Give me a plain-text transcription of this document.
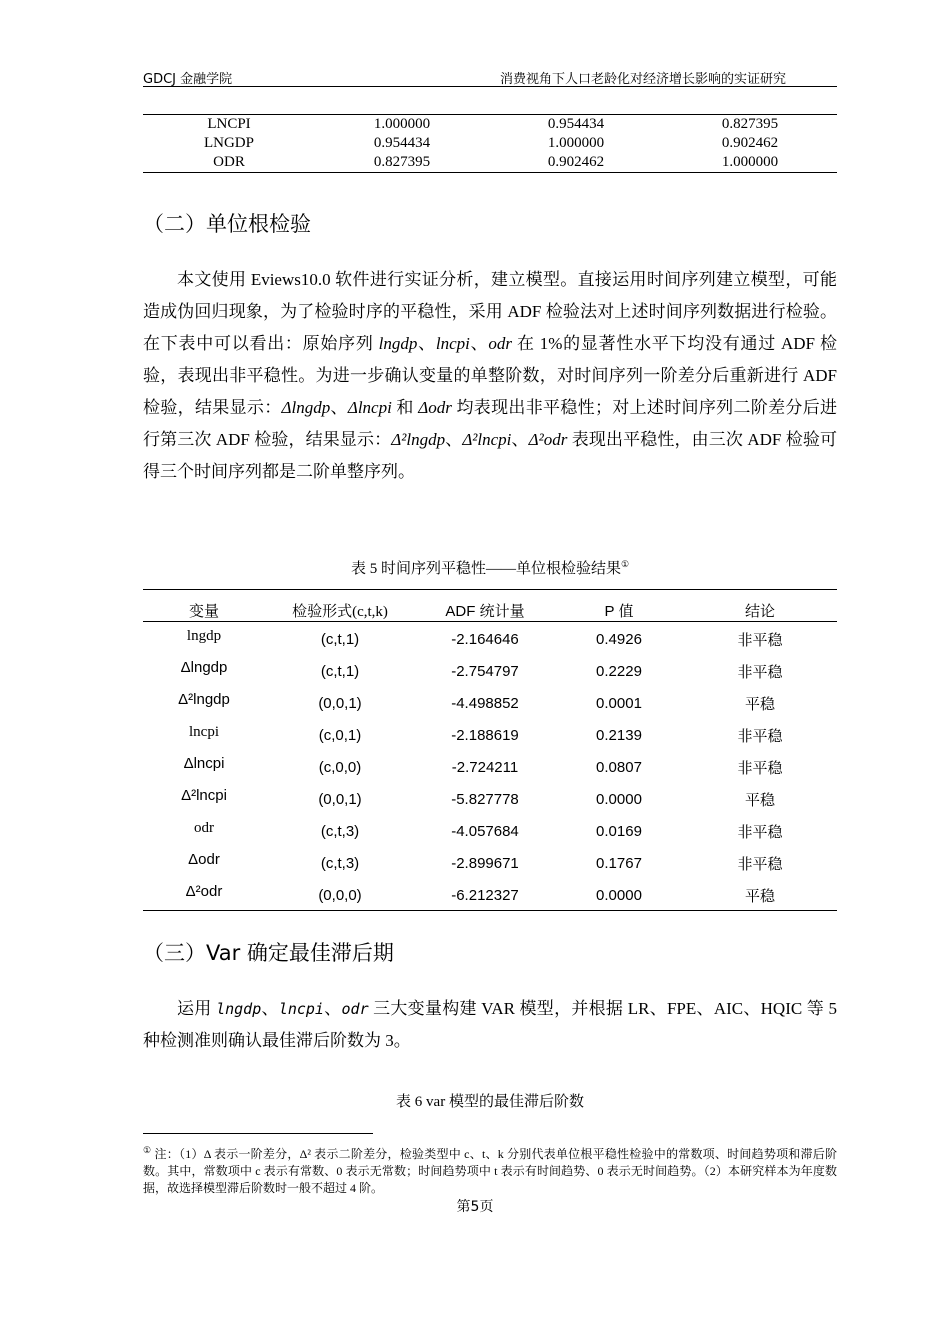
GDCJ 金融学院	消费视角下人口老龄化对经济增长影响的实证研究
LNCPI	1.000000	0.954434	0.827395
LNGDP	0.954434	1.000000	0.902462
ODR	0.827395	0.902462	1.000000
（二）单位根检验

本文使用 Eviews10.0 软件进行实证分析，建立模型。直接运用时间序列建立模型，可能造成伪回归现象，为了检验时序的平稳性，采用 ADF 检验法对上述时间序列数据进行检验。在下表中可以看出：原始序列 lngdp、lncpi、odr 在 1%的显著性水平下均没有通过 ADF 检验，表现出非平稳性。为进一步确认变量的单整阶数，对时间序列一阶差分后重新进行 ADF 检验，结果显示：Δlngdp、Δlncpi 和 Δodr 均表现出非平稳性；对上述时间序列二阶差分后进行第三次 ADF 检验，结果显示：Δ²lngdp、Δ²lncpi、Δ²odr 表现出平稳性，由三次 ADF 检验可得三个时间序列都是二阶单整序列。

表 5 时间序列平稳性——单位根检验结果①
变量	检验形式(c,t,k)	ADF 统计量	P 值	结论
lngdp	(c,t,1)	-2.164646	0.4926	非平稳
Δlngdp	(c,t,1)	-2.754797	0.2229	非平稳
Δ²lngdp	(0,0,1)	-4.498852	0.0001	平稳
lncpi	(c,0,1)	-2.188619	0.2139	非平稳
Δlncpi	(c,0,0)	-2.724211	0.0807	非平稳
Δ²lncpi	(0,0,1)	-5.827778	0.0000	平稳
odr	(c,t,3)	-4.057684	0.0169	非平稳
Δodr	(c,t,3)	-2.899671	0.1767	非平稳
Δ²odr	(0,0,0)	-6.212327	0.0000	平稳
（三）Var 确定最佳滞后期

运用 lngdp、lncpi、odr 三大变量构建 VAR 模型，并根据 LR、FPE、AIC、HQIC 等 5 种检测准则确认最佳滞后阶数为 3。

表 6 var 模型的最佳滞后阶数
① 注：（1）Δ 表示一阶差分，Δ² 表示二阶差分，检验类型中 c、t、k 分别代表单位根平稳性检验中的常数项、时间趋势项和滞后阶数。其中，常数项中 c 表示有常数、0 表示无常数；时间趋势项中 t 表示有时间趋势、0 表示无时间趋势。（2）本研究样本为年度数据，故选择模型滞后阶数时一般不超过 4 阶。
第5页
